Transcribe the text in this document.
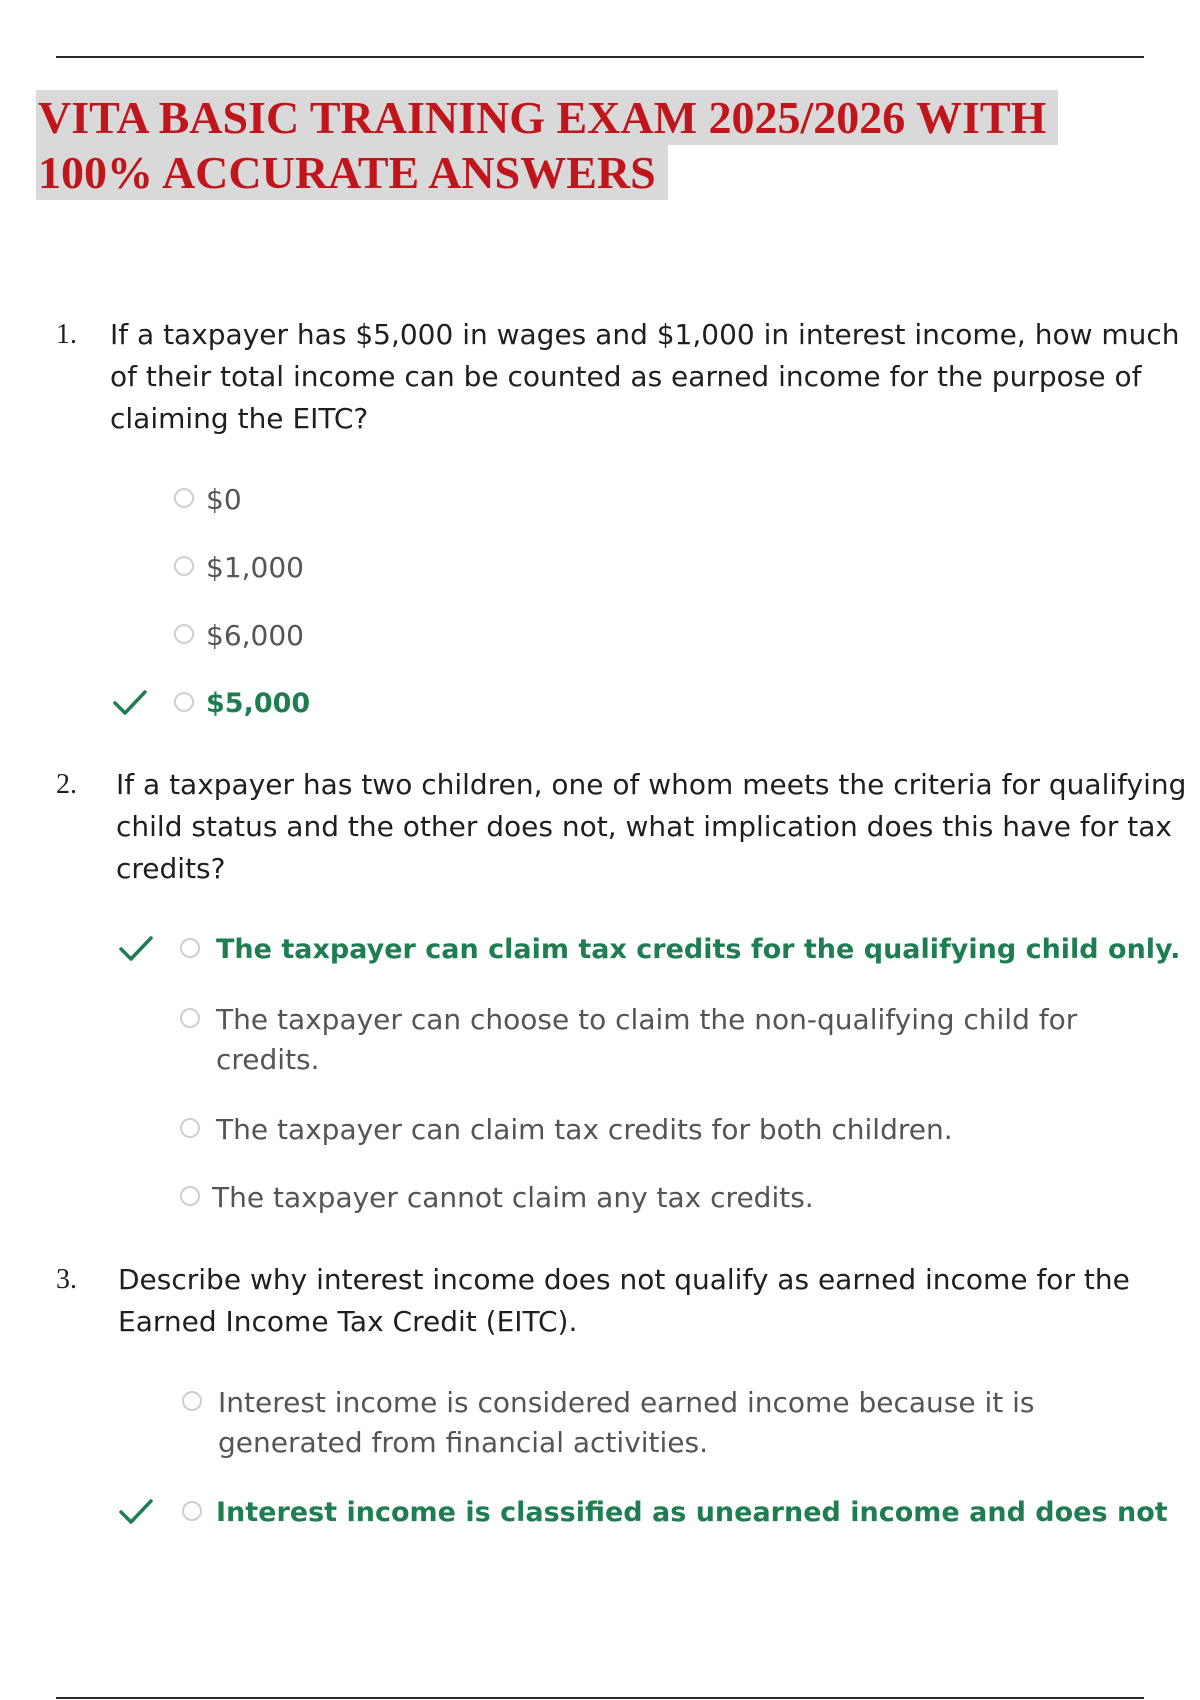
VITA BASIC TRAINING EXAM 2025/2026 WITH
100% ACCURATE ANSWERS
1. If a taxpayer has $5,000 in wages and $1,000 in interest income, how much
of their total income can be counted as earned income for the purpose of
claiming the EITC?
$0
$1,000
$6,000
$5,000
2. If a taxpayer has two children, one of whom meets the criteria for qualifying
child status and the other does not, what implication does this have for tax
credits?
The taxpayer can claim tax credits for the qualifying child only.
The taxpayer can choose to claim the non-qualifying child for
credits.
The taxpayer can claim tax credits for both children.
The taxpayer cannot claim any tax credits.
3. Describe why interest income does not qualify as earned income for the
Earned Income Tax Credit (EITC).
Interest income is considered earned income because it is
generated from financial activities.
Interest income is classified as unearned income and does not
